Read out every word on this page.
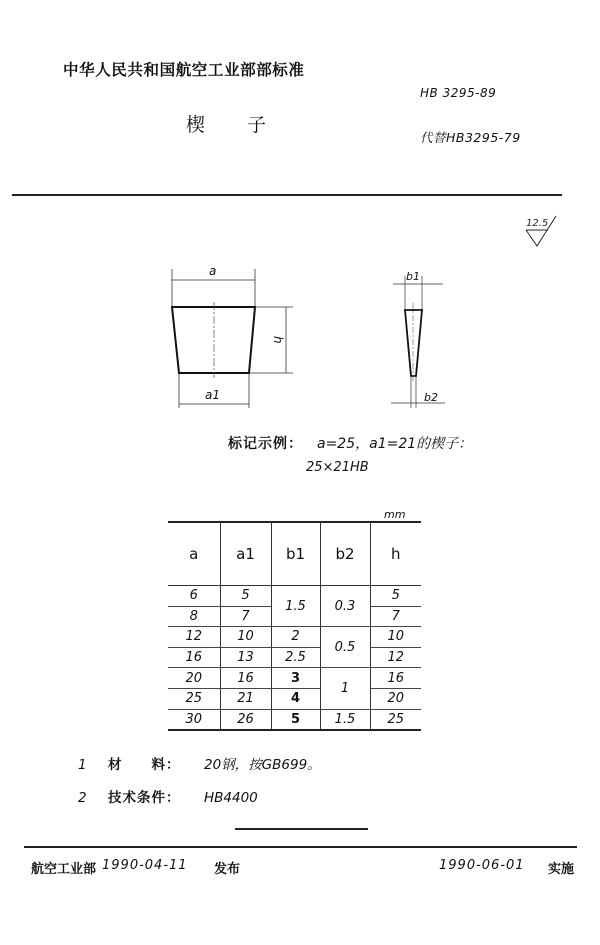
中华人民共和国航空工业部部标准
HB 3295-89
楔 子
代替HB3295-79
12.5
a
h
a1
b1
b2
标记示例： a=25，a1=21的楔子：
25×21HB
mm
a	a1	b1	b2	h
6	5	1.5	0.3	5
8	7			7
12	10	2	0.5	10
16	13	2.5		12
20	16	3	1	16
25	21	4		20
30	26	5	1.5	25
1 材　　料： 20钢，按GB699。
2 技术条件： HB4400
航空工业部 1990-04-11 发布	1990-06-01 实施
